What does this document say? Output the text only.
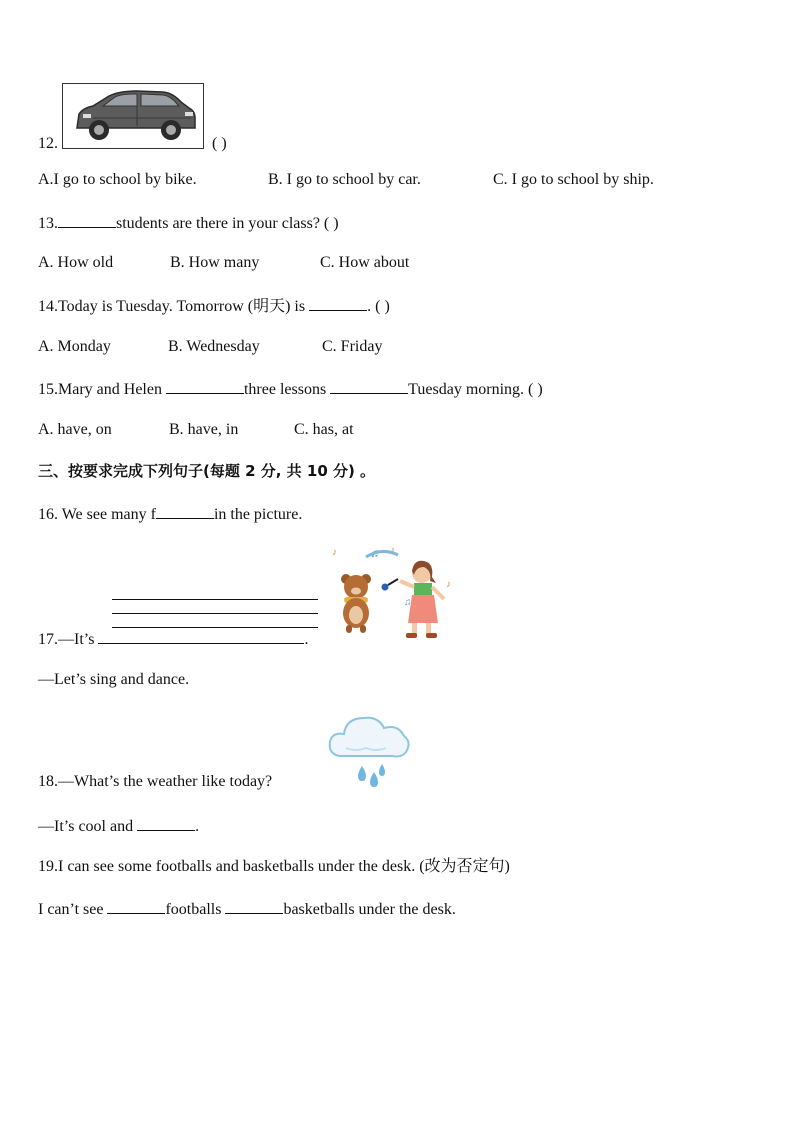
12.	( )
A.I go to school by bike.	B. I go to school by car.	C. I go to school by ship.
13.	students are there in your class? ( )
A. How old	B. How many	C. How about
14.Today is Tuesday. Tomorrow (明天) is	. ( )
A. Monday	B. Wednesday	C. Friday
15.Mary and Helen	three lessons	Tuesday morning. ( )
A. have, on	B. have, in	C. has, at
三、按要求完成下列句子(每题 2 分, 共 10 分) 。
16. We see many f	in the picture.
♪	♫ ♪
♪
♫
17.—It’s	.
—Let’s sing and dance.
18.—What’s the weather like today?
—It’s cool and	.
19.I can see some footballs and basketballs under the desk. (改为否定句)
I can’t see	footballs	basketballs under the desk.
